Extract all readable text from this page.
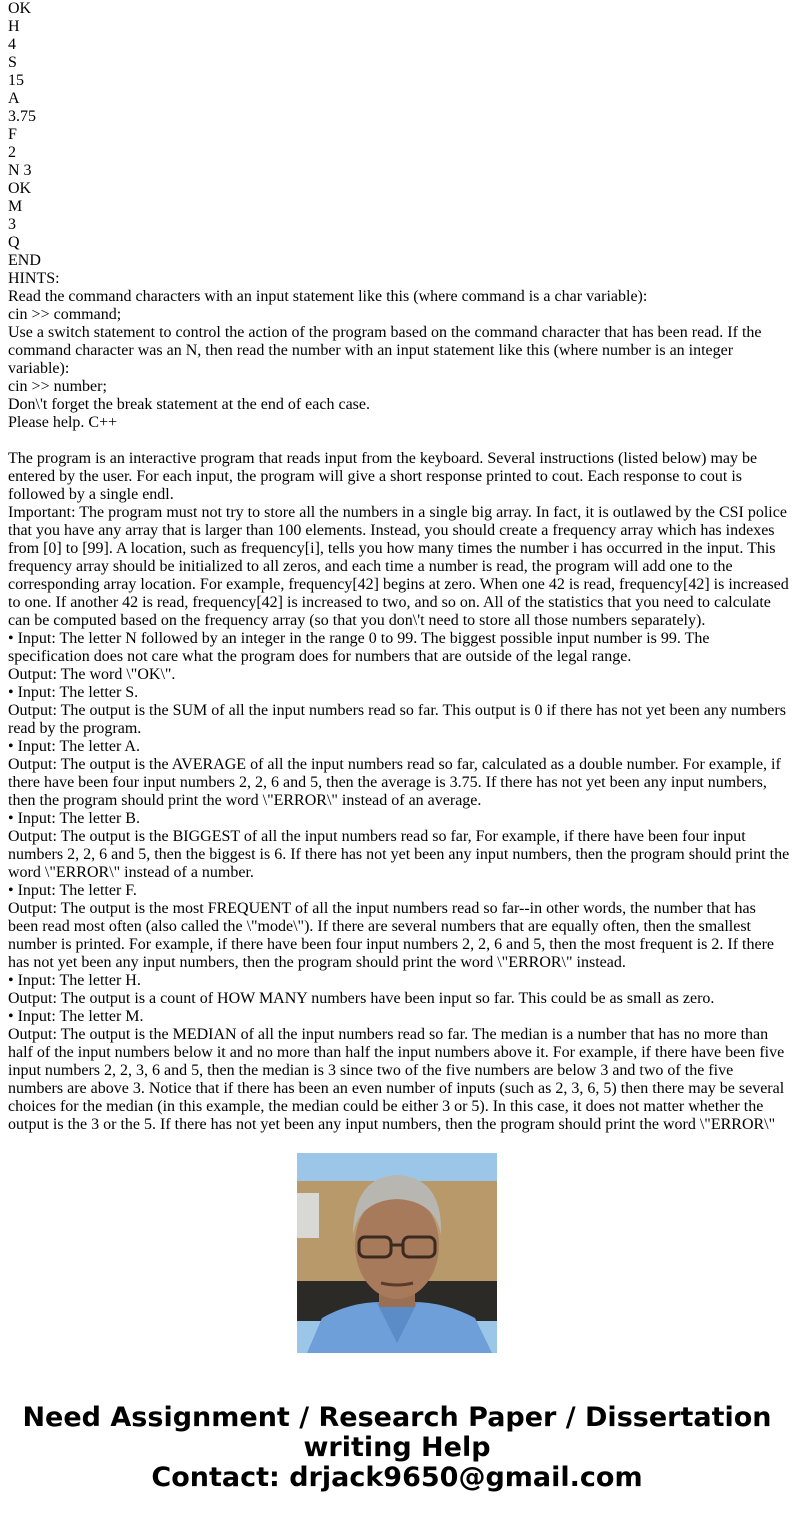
OK
H
4
S
15
A
3.75
F
2
N 3
OK
M
3
Q
END
HINTS:
Read the command characters with an input statement like this (where command is a char variable):
cin >> command;
Use a switch statement to control the action of the program based on the command character that has been read. If the command character was an N, then read the number with an input statement like this (where number is an integer variable):
cin >> number;
Don\'t forget the break statement at the end of each case.
Please help. C++
The program is an interactive program that reads input from the keyboard. Several instructions (listed below) may be entered by the user. For each input, the program will give a short response printed to cout. Each response to cout is followed by a single endl.
Important: The program must not try to store all the numbers in a single big array. In fact, it is outlawed by the CSI police that you have any array that is larger than 100 elements. Instead, you should create a frequency array which has indexes from [0] to [99]. A location, such as frequency[i], tells you how many times the number i has occurred in the input. This frequency array should be initialized to all zeros, and each time a number is read, the program will add one to the corresponding array location. For example, frequency[42] begins at zero. When one 42 is read, frequency[42] is increased to one. If another 42 is read, frequency[42] is increased to two, and so on. All of the statistics that you need to calculate can be computed based on the frequency array (so that you don\'t need to store all those numbers separately).
• Input: The letter N followed by an integer in the range 0 to 99. The biggest possible input number is 99. The specification does not care what the program does for numbers that are outside of the legal range.
Output: The word \"OK\".
• Input: The letter S.
Output: The output is the SUM of all the input numbers read so far. This output is 0 if there has not yet been any numbers read by the program.
• Input: The letter A.
Output: The output is the AVERAGE of all the input numbers read so far, calculated as a double number. For example, if there have been four input numbers 2, 2, 6 and 5, then the average is 3.75. If there has not yet been any input numbers, then the program should print the word \"ERROR\" instead of an average.
• Input: The letter B.
Output: The output is the BIGGEST of all the input numbers read so far, For example, if there have been four input numbers 2, 2, 6 and 5, then the biggest is 6. If there has not yet been any input numbers, then the program should print the word \"ERROR\" instead of a number.
• Input: The letter F.
Output: The output is the most FREQUENT of all the input numbers read so far--in other words, the number that has been read most often (also called the \"mode\"). If there are several numbers that are equally often, then the smallest number is printed. For example, if there have been four input numbers 2, 2, 6 and 5, then the most frequent is 2. If there has not yet been any input numbers, then the program should print the word \"ERROR\" instead.
• Input: The letter H.
Output: The output is a count of HOW MANY numbers have been input so far. This could be as small as zero.
• Input: The letter M.
Output: The output is the MEDIAN of all the input numbers read so far. The median is a number that has no more than half of the input numbers below it and no more than half the input numbers above it. For example, if there have been five input numbers 2, 2, 3, 6 and 5, then the median is 3 since two of the five numbers are below 3 and two of the five numbers are above 3. Notice that if there has been an even number of inputs (such as 2, 3, 6, 5) then there may be several choices for the median (in this example, the median could be either 3 or 5). In this case, it does not matter whether the output is the 3 or the 5. If there has not yet been any input numbers, then the program should print the word \"ERROR\"
Need Assignment / Research Paper / Dissertation writing Help
Contact: drjack9650@gmail.com
